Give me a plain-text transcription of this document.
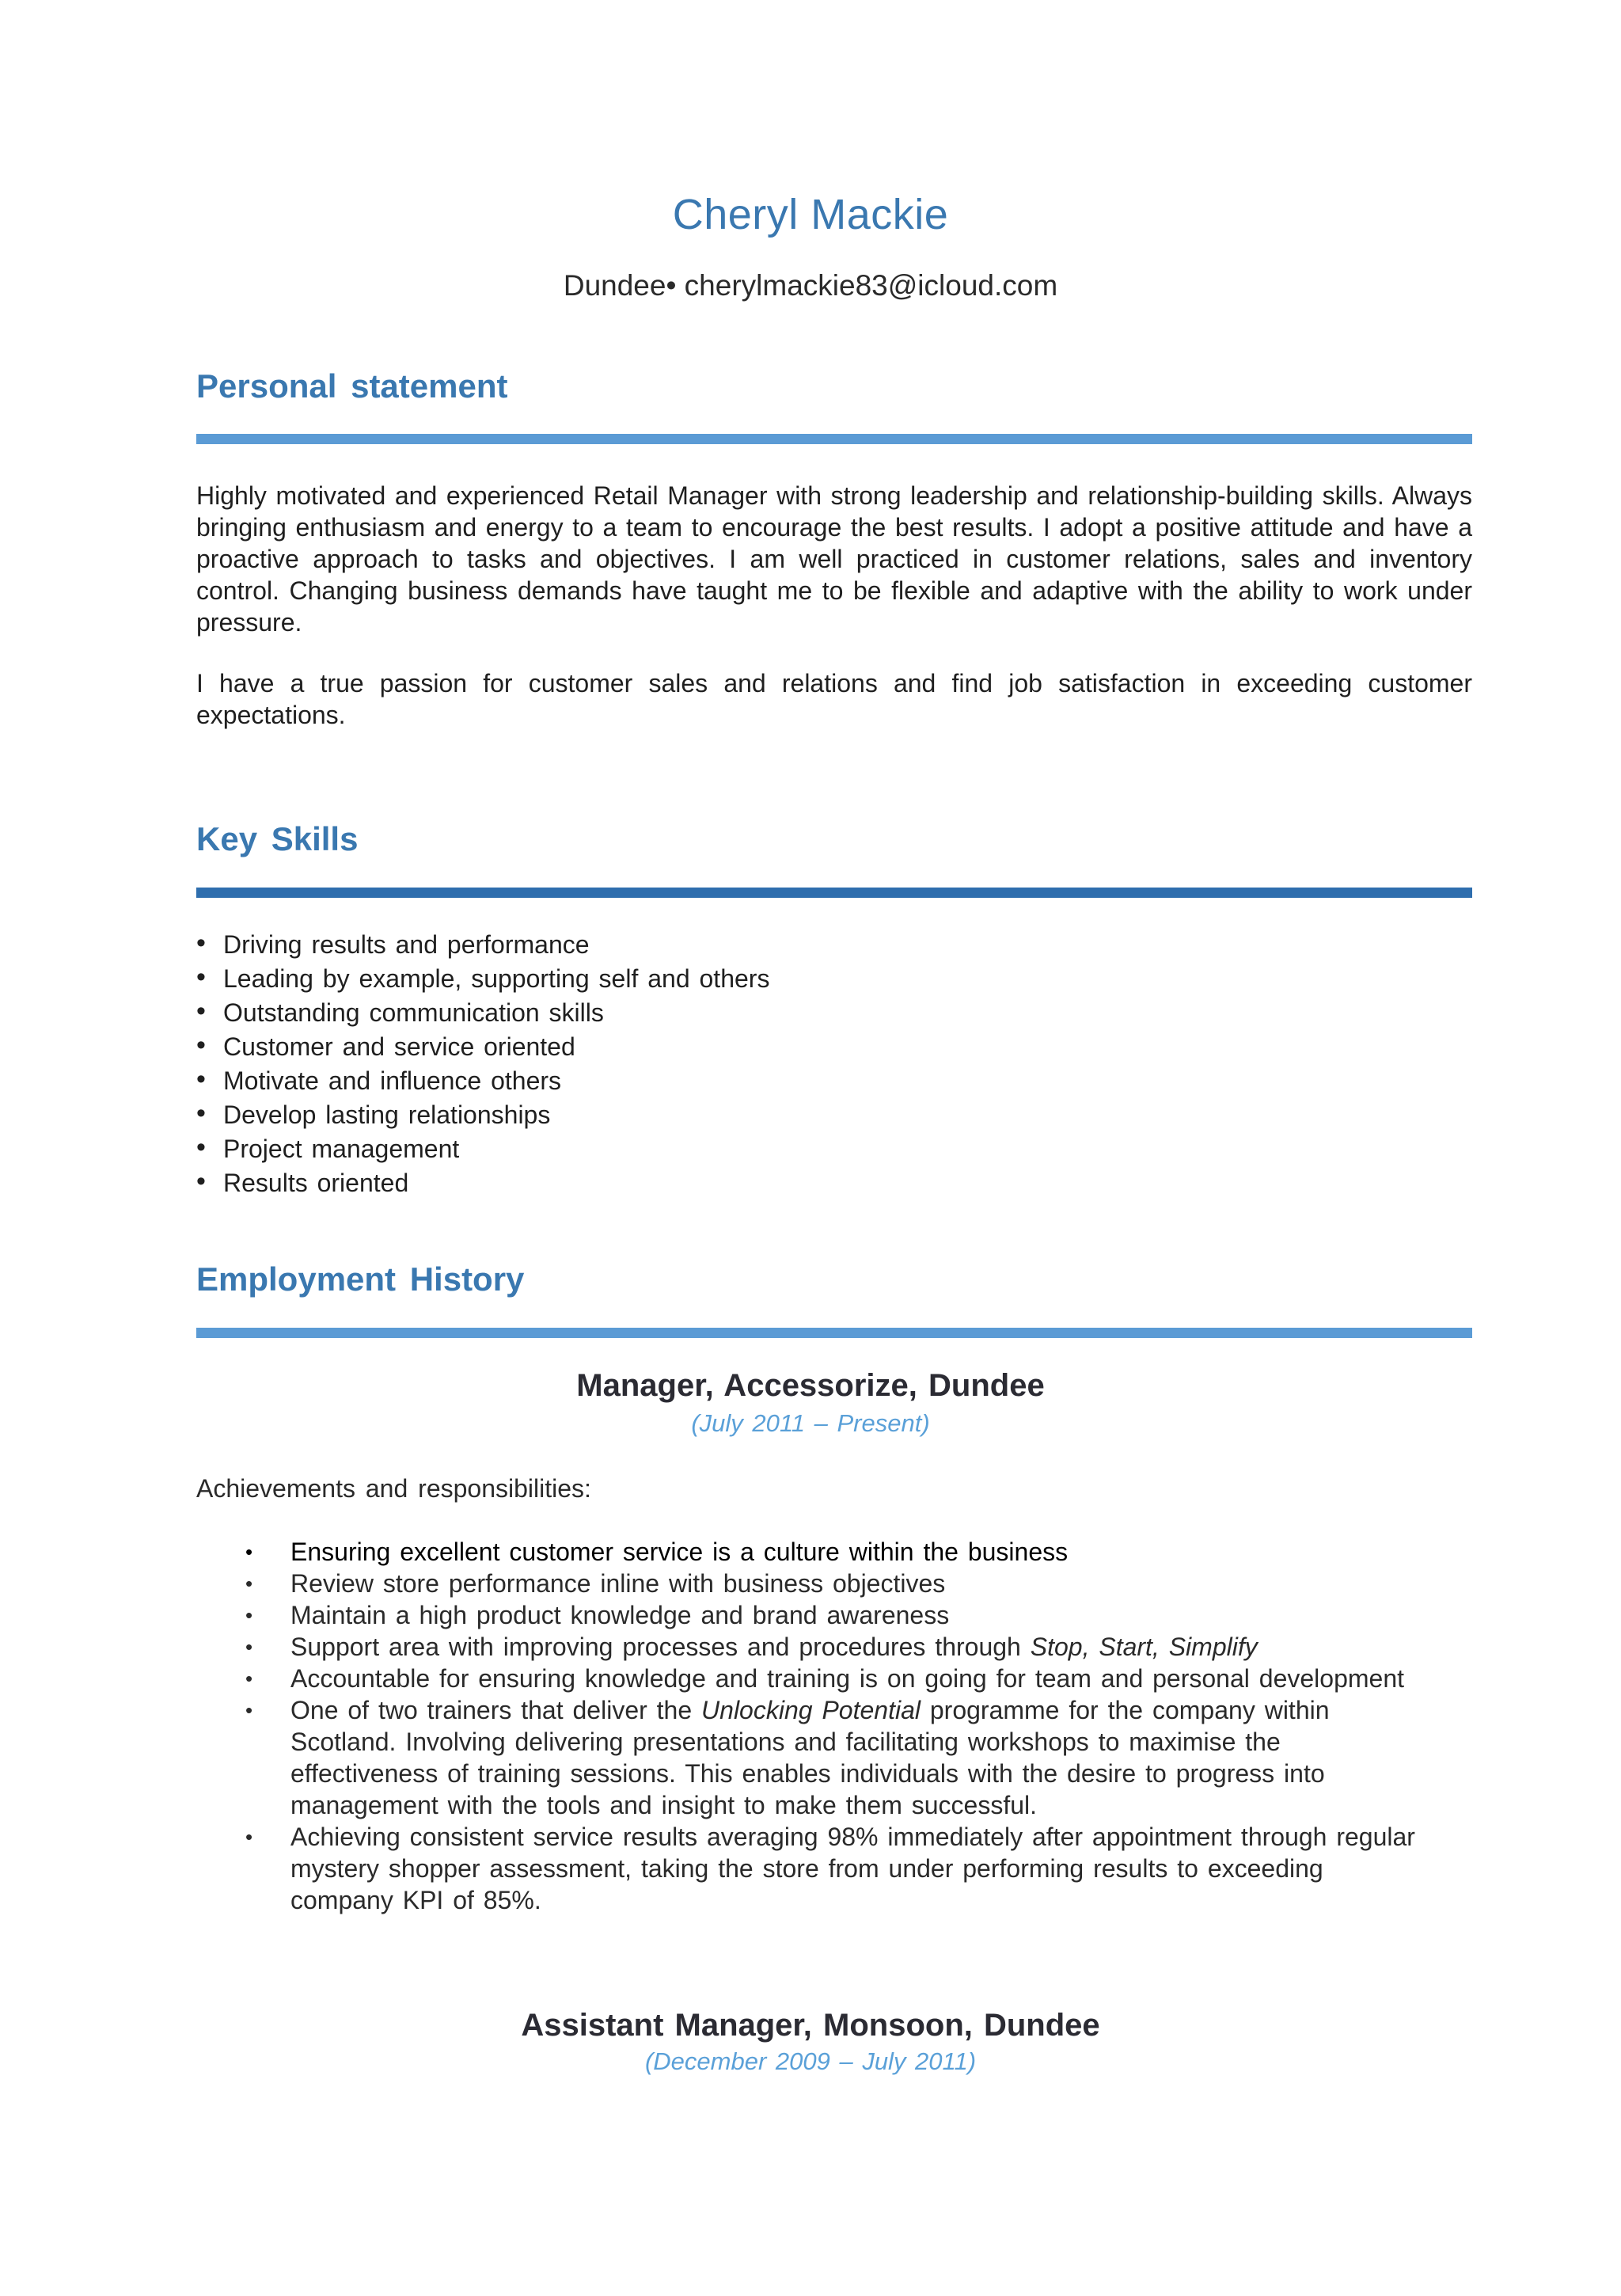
Cheryl Mackie
Dundee• cherylmackie83@icloud.com
Personal statement
Highly motivated and experienced Retail Manager with strong leadership and relationship-building skills. Always bringing enthusiasm and energy to a team to encourage the best results. I adopt a positive attitude and have a proactive approach to tasks and objectives. I am well practiced in customer relations, sales and inventory control. Changing business demands have taught me to be flexible and adaptive with the ability to work under pressure.
I have a true passion for customer sales and relations and find job satisfaction in exceeding customer expectations.
Key Skills
• Driving results and performance
• Leading by example, supporting self and others
• Outstanding communication skills
• Customer and service oriented
• Motivate and influence others
• Develop lasting relationships
• Project management
• Results oriented
Employment History
Manager, Accessorize, Dundee
(July 2011 – Present)
Achievements and responsibilities:
• Ensuring excellent customer service is a culture within the business
• Review store performance inline with business objectives
• Maintain a high product knowledge and brand awareness
• Support area with improving processes and procedures through Stop, Start, Simplify
• Accountable for ensuring knowledge and training is on going for team and personal development
• One of two trainers that deliver the Unlocking Potential programme for the company within Scotland. Involving delivering presentations and facilitating workshops to maximise the effectiveness of training sessions. This enables individuals with the desire to progress into management with the tools and insight to make them successful.
• Achieving consistent service results averaging 98% immediately after appointment through regular mystery shopper assessment, taking the store from under performing results to exceeding company KPI of 85%.
Assistant Manager, Monsoon, Dundee
(December 2009 – July 2011)
